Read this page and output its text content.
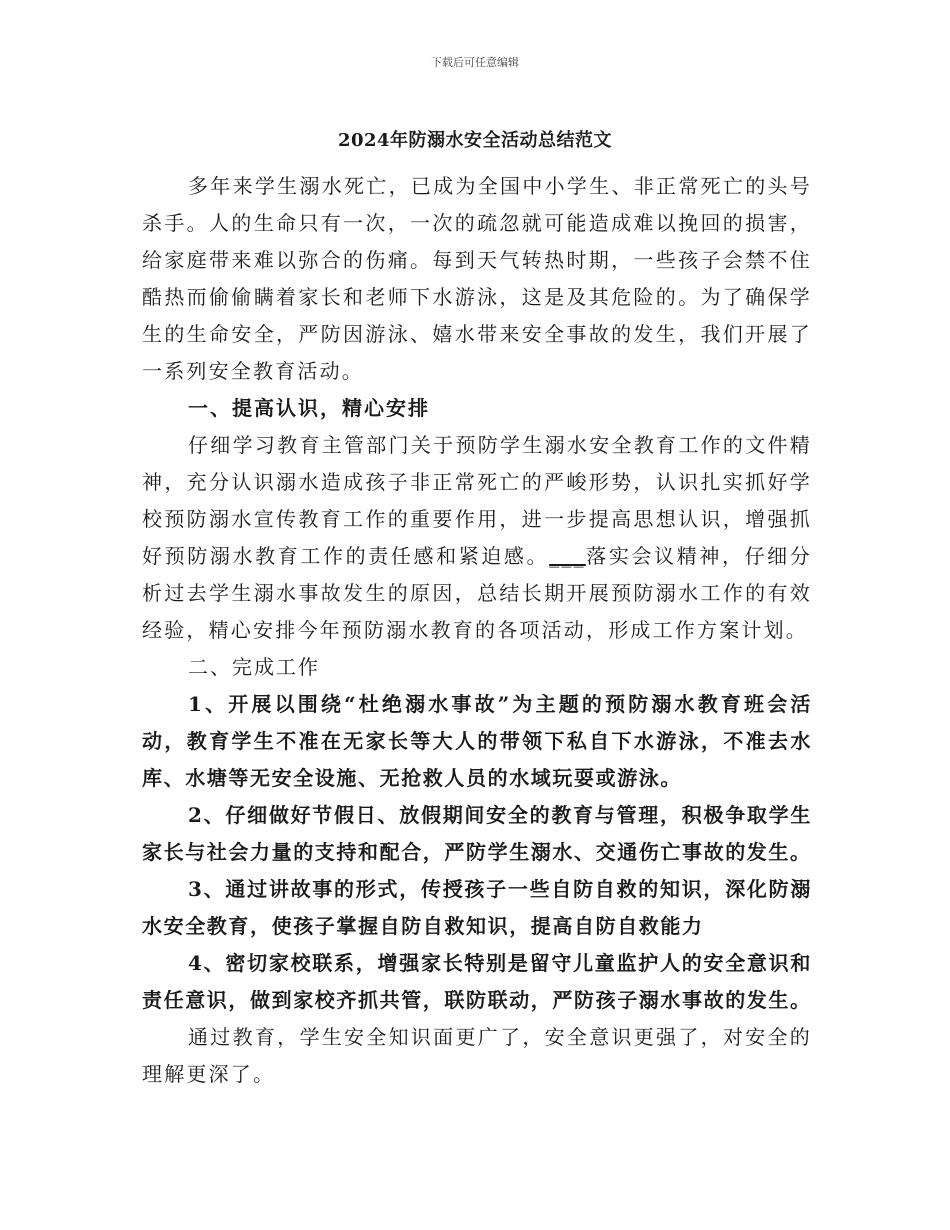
下载后可任意编辑
2024年防溺水安全活动总结范文

多年来学生溺水死亡，已成为全国中小学生、非正常死亡的头号杀手。人的生命只有一次，一次的疏忽就可能造成难以挽回的损害，给家庭带来难以弥合的伤痛。每到天气转热时期，一些孩子会禁不住酷热而偷偷瞒着家长和老师下水游泳，这是及其危险的。为了确保学生的生命安全，严防因游泳、嬉水带来安全事故的发生，我们开展了一系列安全教育活动。

一、提高认识，精心安排

仔细学习教育主管部门关于预防学生溺水安全教育工作的文件精神，充分认识溺水造成孩子非正常死亡的严峻形势，认识扎实抓好学校预防溺水宣传教育工作的重要作用，进一步提高思想认识，增强抓好预防溺水教育工作的责任感和紧迫感。___落实会议精神，仔细分析过去学生溺水事故发生的原因，总结长期开展预防溺水工作的有效经验，精心安排今年预防溺水教育的各项活动，形成工作方案计划。

二、完成工作

1、开展以围绕“杜绝溺水事故”为主题的预防溺水教育班会活动，教育学生不准在无家长等大人的带领下私自下水游泳，不准去水库、水塘等无安全设施、无抢救人员的水域玩耍或游泳。

2、仔细做好节假日、放假期间安全的教育与管理，积极争取学生家长与社会力量的支持和配合，严防学生溺水、交通伤亡事故的发生。

3、通过讲故事的形式，传授孩子一些自防自救的知识，深化防溺水安全教育，使孩子掌握自防自救知识，提高自防自救能力

4、密切家校联系，增强家长特别是留守儿童监护人的安全意识和责任意识，做到家校齐抓共管，联防联动，严防孩子溺水事故的发生。

通过教育，学生安全知识面更广了，安全意识更强了，对安全的理解更深了。
